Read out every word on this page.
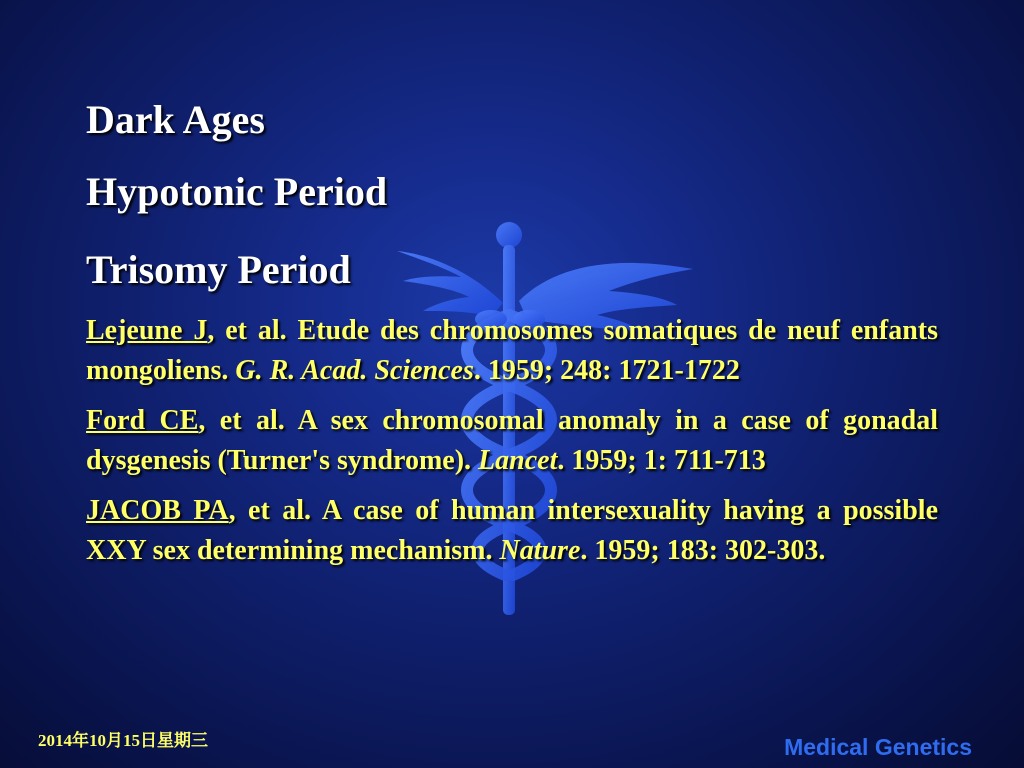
Dark Ages
Hypotonic Period
Trisomy Period

Lejeune J, et al. Etude des chromosomes somatiques de neuf enfants mongoliens. G. R. Acad. Sciences. 1959; 248: 1721-1722

Ford CE, et al. A sex chromosomal anomaly in a case of gonadal dysgenesis (Turner's syndrome). Lancet. 1959; 1: 711-713

JACOB PA, et al. A case of human intersexuality having a possible XXY sex determining mechanism. Nature. 1959; 183: 302-303.

2014年10月15日星期三	Medical Genetics
